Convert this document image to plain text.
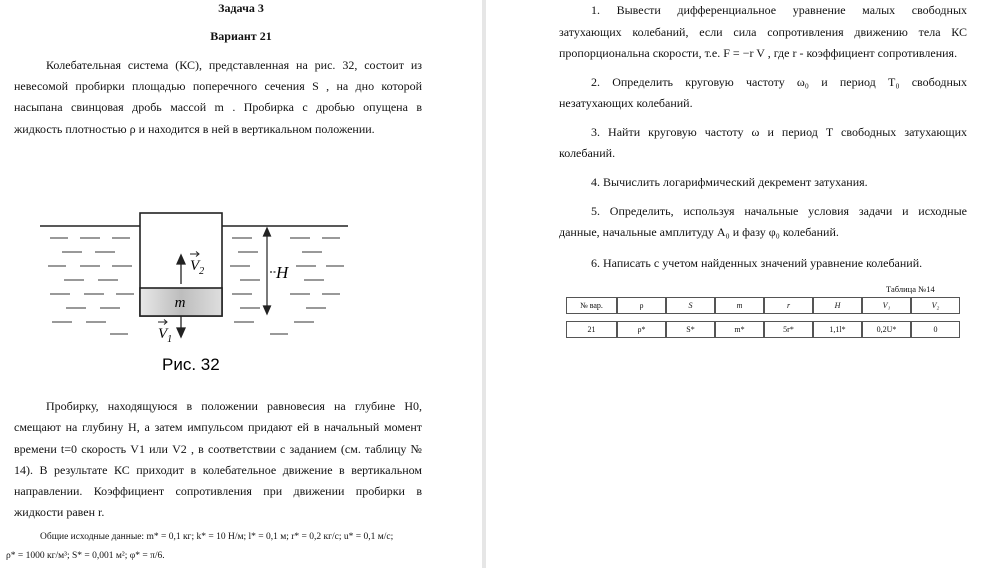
Задача 3
Вариант 21
Колебательная система (КС), представленная на рис. 32, состоит из
невесомой пробирки площадью поперечного сечения S , на дно которой
насыпана свинцовая дробь массой m . Пробирка с дробью опущена в
жидкость плотностью ρ и находится в ней в вертикальном положении.
m
$V_2$
$V_1$
H
Рис. 32
Пробирку, находящуюся в положении равновесия на глубине H0,
смещают на глубину H, а затем импульсом придают ей в начальный момент
времени t=0 скорость V1 или V2 , в соответствии с заданием (см. таблицу №
14). В результате КС приходит в колебательное движение в вертикальном
направлении. Коэффициент сопротивления при движении пробирки в
жидкости равен r.
Общие исходные данные: m* = 0,1 кг; k* = 10 Н/м; l* = 0,1 м; r* = 0,2 кг/с; u* = 0,1 м/с;
ρ* = 1000 кг/м³; S* = 0,001 м²; φ* = π/6.
1. Вывести дифференциальное уравнение малых свободных
затухающих колебаний, если сила сопротивления движению тела КС
пропорциональна скорости, т.е. F = −r V , где r - коэффициент сопротивления.
2. Определить круговую частоту ω₀ и период T₀ свободных
незатухающих колебаний.
3. Найти круговую частоту ω и период T свободных затухающих
колебаний.
4. Вычислить логарифмический декремент затухания.
5. Определить, используя начальные условия задачи и исходные
данные, начальные амплитуду A₀ и фазу φ₀ колебаний.
6. Написать с учетом найденных значений уравнение колебаний.
Таблица №14
№ вар.	ρ	S	m	r	H	V₁	V₂

21	ρ*	S*	m*	5r*	1,1l*	0,2U*	0
